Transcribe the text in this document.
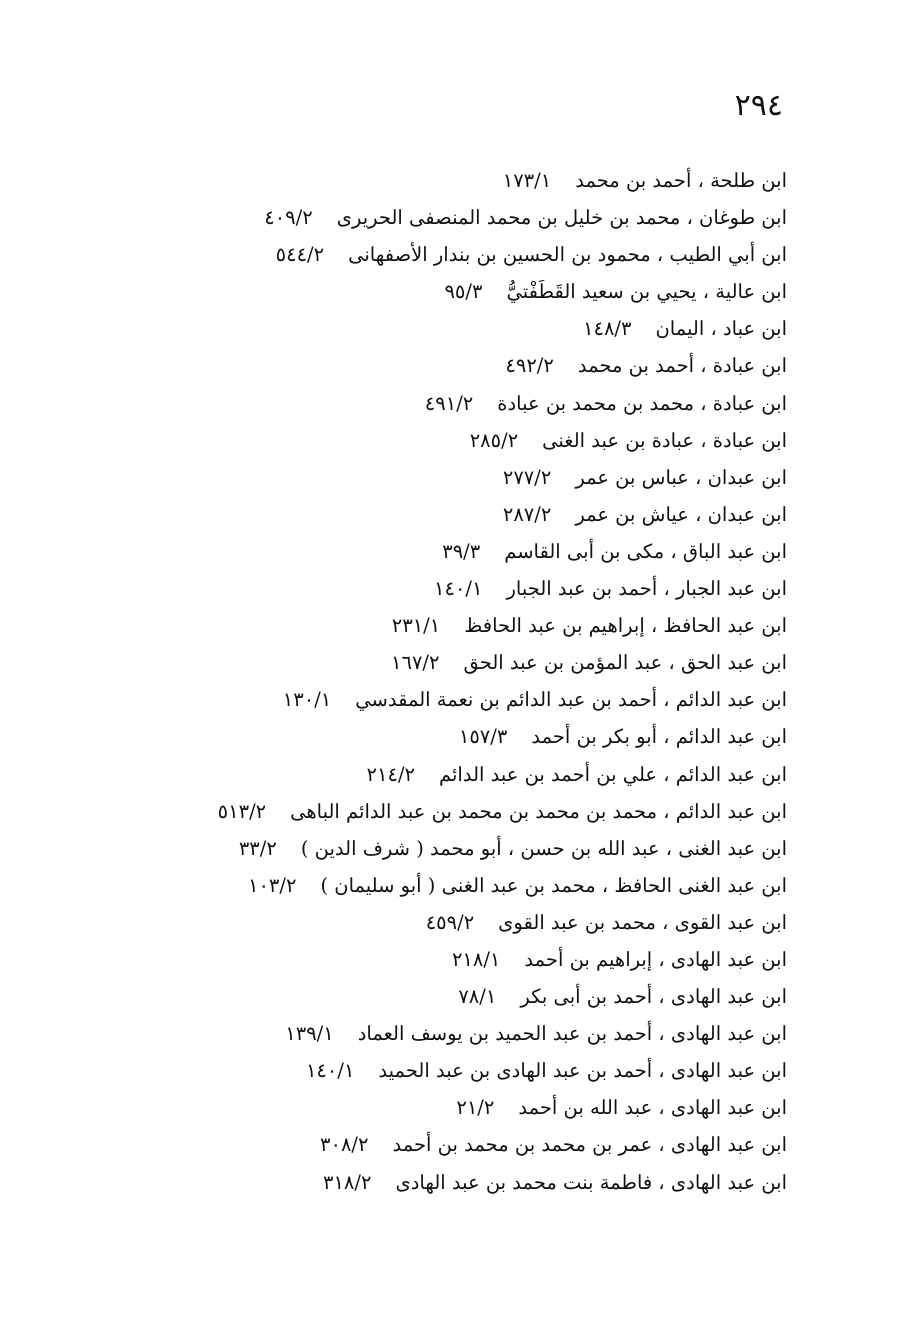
٢٩٤
ابن طلحة ، أحمد بن محمد١٧٣/١
ابن طوغان ، محمد بن خليل بن محمد المنصفى الحريرى٤٠٩/٢
ابن أبي الطيب ، محمود بن الحسين بن بندار الأصفهانى٥٤٤/٢
ابن عالية ، يحيي بن سعيد القَطَفْتيُّ٩٥/٣
ابن عباد ، اليمان١٤٨/٣
ابن عبادة ، أحمد بن محمد٤٩٢/٢
ابن عبادة ، محمد بن محمد بن عبادة٤٩١/٢
ابن عبادة ، عبادة بن عبد الغنى٢٨٥/٢
ابن عبدان ، عباس بن عمر٢٧٧/٢
ابن عبدان ، عياش بن عمر٢٨٧/٢
ابن عبد الباق ، مكى بن أبى القاسم٣٩/٣
ابن عبد الجبار ، أحمد بن عبد الجبار١٤٠/١
ابن عبد الحافظ ، إبراهيم بن عبد الحافظ٢٣١/١
ابن عبد الحق ، عبد المؤمن بن عبد الحق١٦٧/٢
ابن عبد الدائم ، أحمد بن عبد الدائم بن نعمة المقدسي١٣٠/١
ابن عبد الدائم ، أبو بكر بن أحمد١٥٧/٣
ابن عبد الدائم ، علي بن أحمد بن عبد الدائم٢١٤/٢
ابن عبد الدائم ، محمد بن محمد بن محمد بن عبد الدائم الباهى٥١٣/٢
ابن عبد الغنى ، عبد الله بن حسن ، أبو محمد ( شرف الدين )٣٣/٢
ابن عبد الغنى الحافظ ، محمد بن عبد الغنى ( أبو سليمان )١٠٣/٢
ابن عبد القوى ، محمد بن عبد القوى٤٥٩/٢
ابن عبد الهادى ، إبراهيم بن أحمد٢١٨/١
ابن عبد الهادى ، أحمد بن أبى بكر٧٨/١
ابن عبد الهادى ، أحمد بن عبد الحميد بن يوسف العماد١٣٩/١
ابن عبد الهادى ، أحمد بن عبد الهادى بن عبد الحميد١٤٠/١
ابن عبد الهادى ، عبد الله بن أحمد٢١/٢
ابن عبد الهادى ، عمر بن محمد بن محمد بن أحمد٣٠٨/٢
ابن عبد الهادى ، فاطمة بنت محمد بن عبد الهادى٣١٨/٢
